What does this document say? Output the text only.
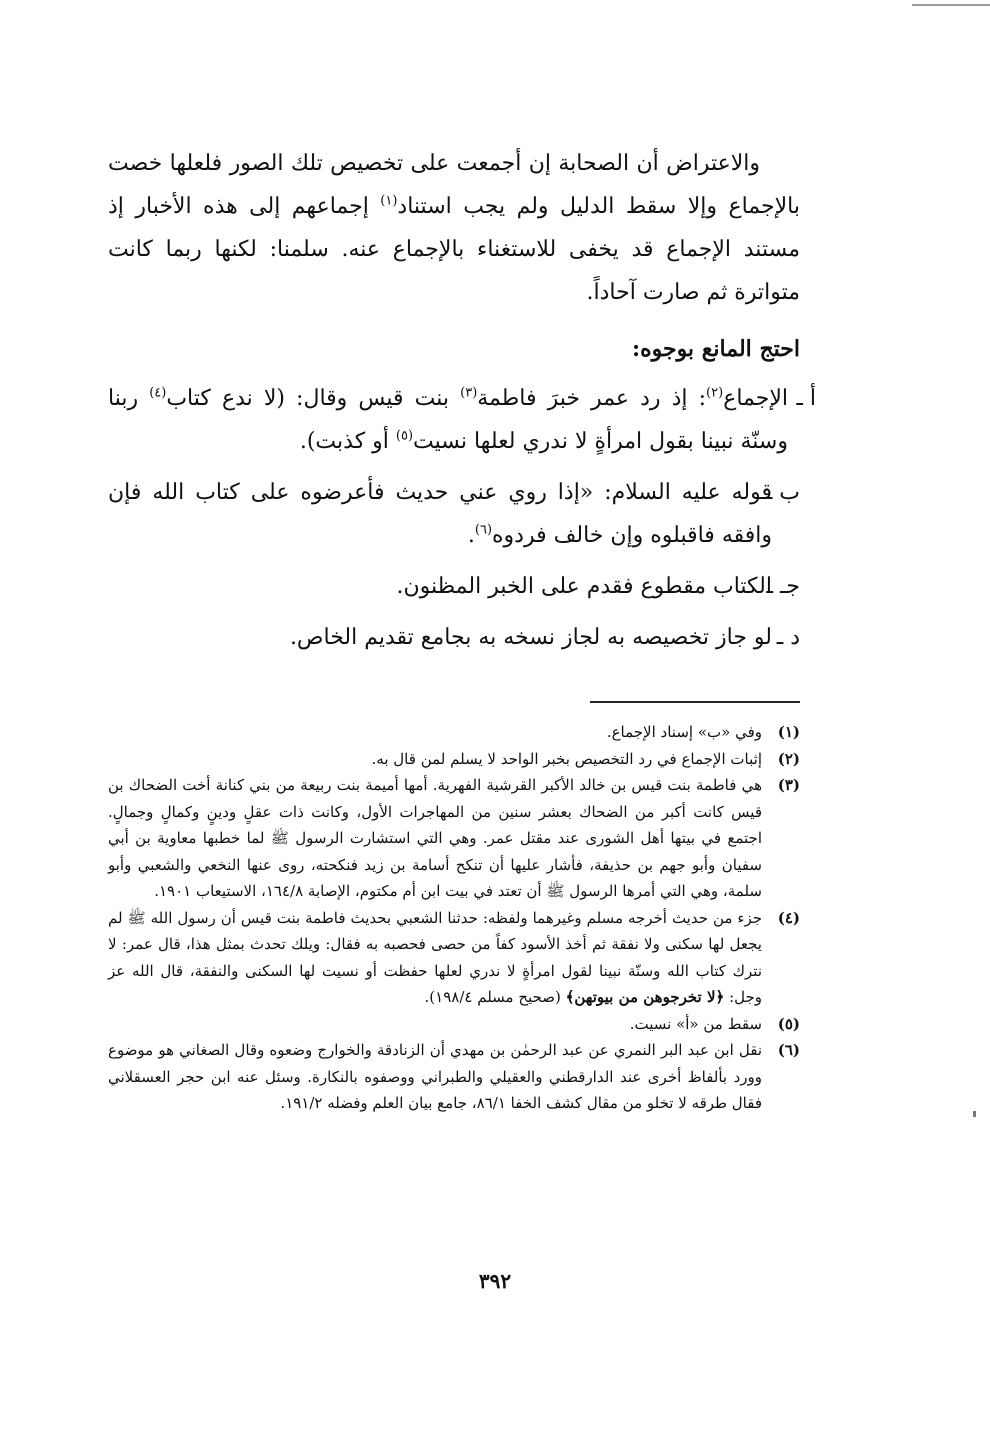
والاعتراض أن الصحابة إن أجمعت على تخصيص تلك الصور فلعلها خصت بالإجماع وإلا سقط الدليل ولم يجب استناد$^{(١)}$ إجماعهم إلى هذه الأخبار إذ مستند الإجماع قد يخفى للاستغناء بالإجماع عنه. سلمنا: لكنها ربما كانت متواترة ثم صارت آحاداً.

احتج المانع بوجوه:

أ ـ
الإجماع$^{(٢)}$: إذ رد عمر خبرَ فاطمة$^{(٣)}$ بنت قيس وقال: (لا ندع كتاب$^{(٤)}$ ربنا وسنّة نبينا بقول امرأةٍ لا ندري لعلها نسيت$^{(٥)}$ أو كذبت).

ب ـ
قوله عليه السلام: «إذا روي عني حديث فأعرضوه على كتاب الله فإن وافقه فاقبلوه وإن خالف فردوه$^{(٦)}$.

جـ ـ
الكتاب مقطوع فقدم على الخبر المظنون.

د ـ
لو جاز تخصيصه به لجاز نسخه به بجامع تقديم الخاص.

(١)
وفي «ب» إسناد الإجماع.

(٢)
إثبات الإجماع في رد التخصيص بخبر الواحد لا يسلم لمن قال به.

(٣)
هي فاطمة بنت قيس بن خالد الأكبر القرشية الفهرية. أمها أميمة بنت ربيعة من بني كنانة أخت الضحاك بن قيس كانت أكبر من الضحاك بعشر سنين من المهاجرات الأول، وكانت ذات عقلٍ ودينٍ وكمالٍ وجمالٍ. اجتمع في بيتها أهل الشورى عند مقتل عمر. وهي التي استشارت الرسول ﷺ لما خطبها معاوية بن أبي سفيان وأبو جهم بن حذيفة، فأشار عليها أن تنكح أسامة بن زيد فنكحته، روى عنها النخعي والشعبي وأبو سلمة، وهي التي أمرها الرسول ﷺ أن تعتد في بيت ابن أم مكتوم، الإصابة ١٦٤/٨، الاستيعاب ١٩٠١.

(٤)
جزء من حديث أخرجه مسلم وغيرهما ولفظه: حدثنا الشعبي بحديث فاطمة بنت قيس أن رسول الله ﷺ لم يجعل لها سكنى ولا نفقة ثم أخذ الأسود كفاً من حصى فحصبه به فقال: ويلك تحدث بمثل هذا، قال عمر: لا نترك كتاب الله وسنّة نبينا لقول امرأةٍ لا ندري لعلها حفظت أو نسيت لها السكنى والنفقة، قال الله عز وجل: ﴿لا تخرجوهن من بيوتهن﴾ (صحيح مسلم ١٩٨/٤).

(٥)
سقط من «أ» نسيت.

(٦)
نقل ابن عبد البر النمري عن عبد الرحمٰن بن مهدي أن الزنادقة والخوارج وضعوه وقال الصغاني هو موضوع وورد بألفاظ أخرى عند الدارقطني والعقيلي والطبراني ووصفوه بالنكارة. وسئل عنه ابن حجر العسقلاني فقال طرقه لا تخلو من مقال كشف الخفا ٨٦/١، جامع بيان العلم وفضله ١٩١/٢.

٣٩٢
